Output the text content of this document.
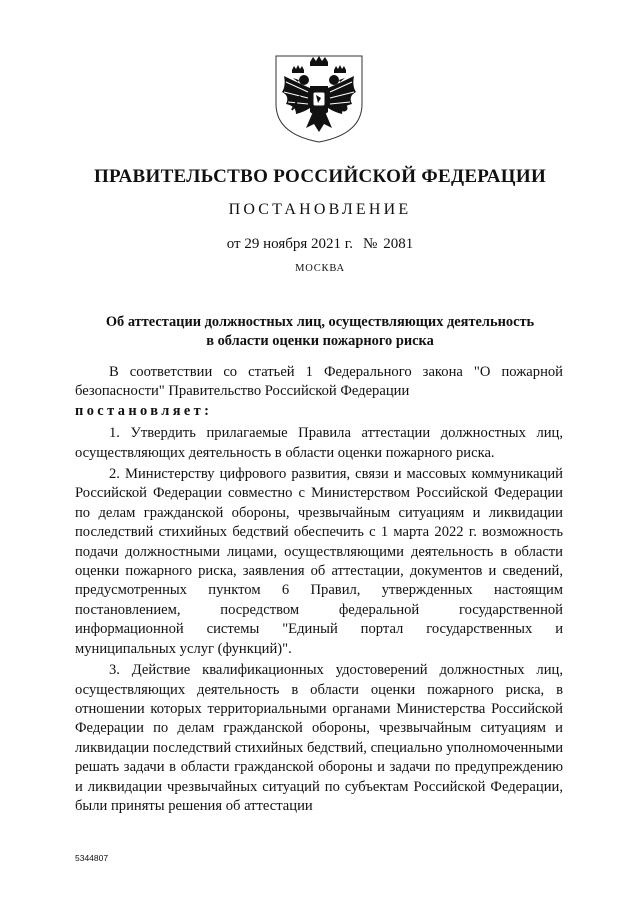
ПРАВИТЕЛЬСТВО РОССИЙСКОЙ ФЕДЕРАЦИИ
ПОСТАНОВЛЕНИЕ
от 29 ноября 2021 г. № 2081
МОСКВА
Об аттестации должностных лиц, осуществляющих деятельность
в области оценки пожарного риска

В соответствии со статьей 1 Федерального закона "О пожарной безопасности" Правительство Российской Федерации

постановляет:

1. Утвердить прилагаемые Правила аттестации должностных лиц, осуществляющих деятельность в области оценки пожарного риска.

2. Министерству цифрового развития, связи и массовых коммуникаций Российской Федерации совместно с Министерством Российской Федерации по делам гражданской обороны, чрезвычайным ситуациям и ликвидации последствий стихийных бедствий обеспечить с 1 марта 2022 г. возможность подачи должностными лицами, осуществляющими деятельность в области оценки пожарного риска, заявления об аттестации, документов и сведений, предусмотренных пунктом 6 Правил, утвержденных настоящим постановлением, посредством федеральной государственной информационной системы "Единый портал государственных и муниципальных услуг (функций)".

3. Действие квалификационных удостоверений должностных лиц, осуществляющих деятельность в области оценки пожарного риска, в отношении которых территориальными органами Министерства Российской Федерации по делам гражданской обороны, чрезвычайным ситуациям и ликвидации последствий стихийных бедствий, специально уполномоченными решать задачи в области гражданской обороны и задачи по предупреждению и ликвидации чрезвычайных ситуаций по субъектам Российской Федерации, были приняты решения об аттестации

5344807
